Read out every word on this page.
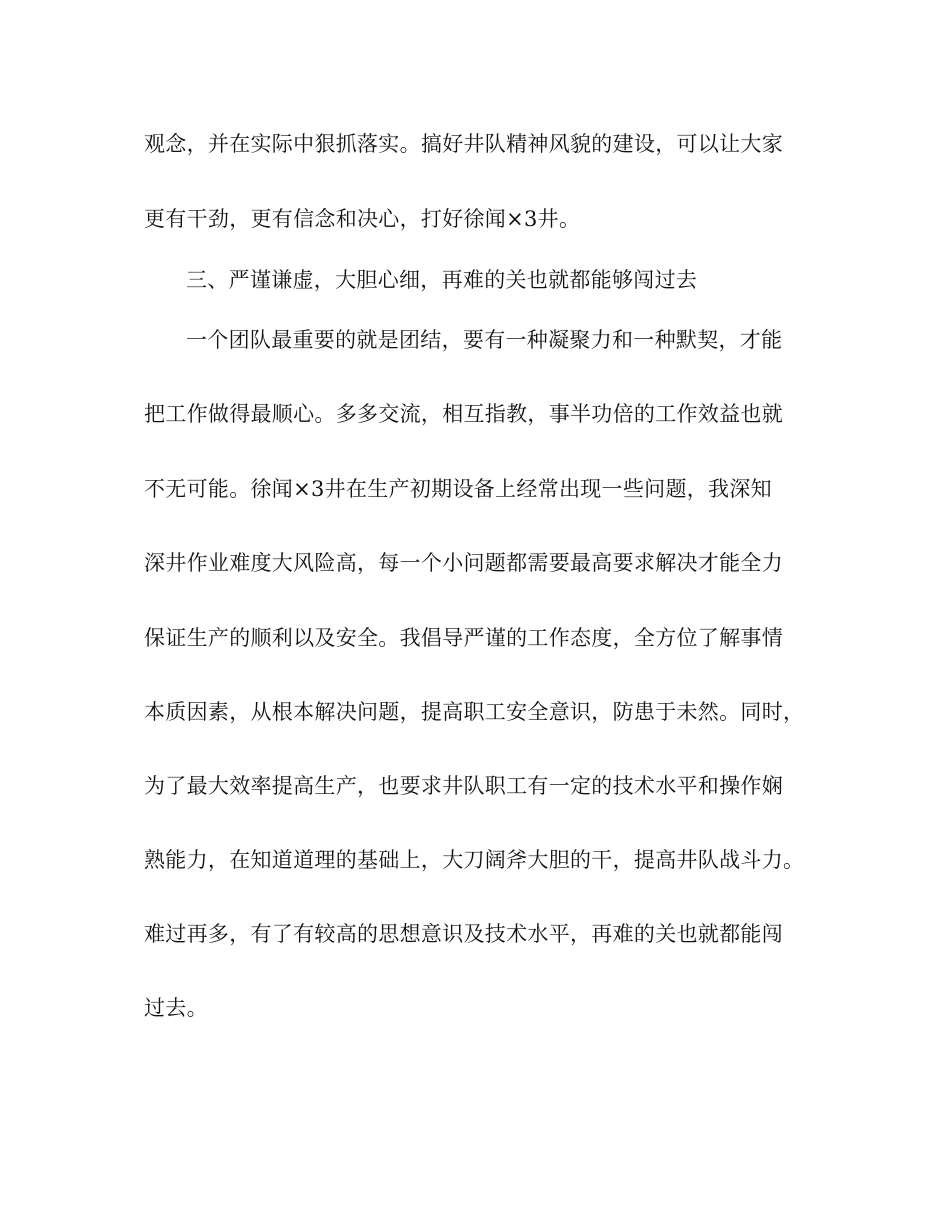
观念，并在实际中狠抓落实。搞好井队精神风貌的建设，可以让大家
更有干劲，更有信念和决心，打好徐闻×3井。
三、严谨谦虚，大胆心细，再难的关也就都能够闯过去
一个团队最重要的就是团结，要有一种凝聚力和一种默契，才能
把工作做得最顺心。多多交流，相互指教，事半功倍的工作效益也就
不无可能。徐闻×3井在生产初期设备上经常出现一些问题，我深知
深井作业难度大风险高，每一个小问题都需要最高要求解决才能全力
保证生产的顺利以及安全。我倡导严谨的工作态度，全方位了解事情
本质因素，从根本解决问题，提高职工安全意识，防患于未然。同时，
为了最大效率提高生产，也要求井队职工有一定的技术水平和操作娴
熟能力，在知道道理的基础上，大刀阔斧大胆的干，提高井队战斗力。
难过再多，有了有较高的思想意识及技术水平，再难的关也就都能闯
过去。
